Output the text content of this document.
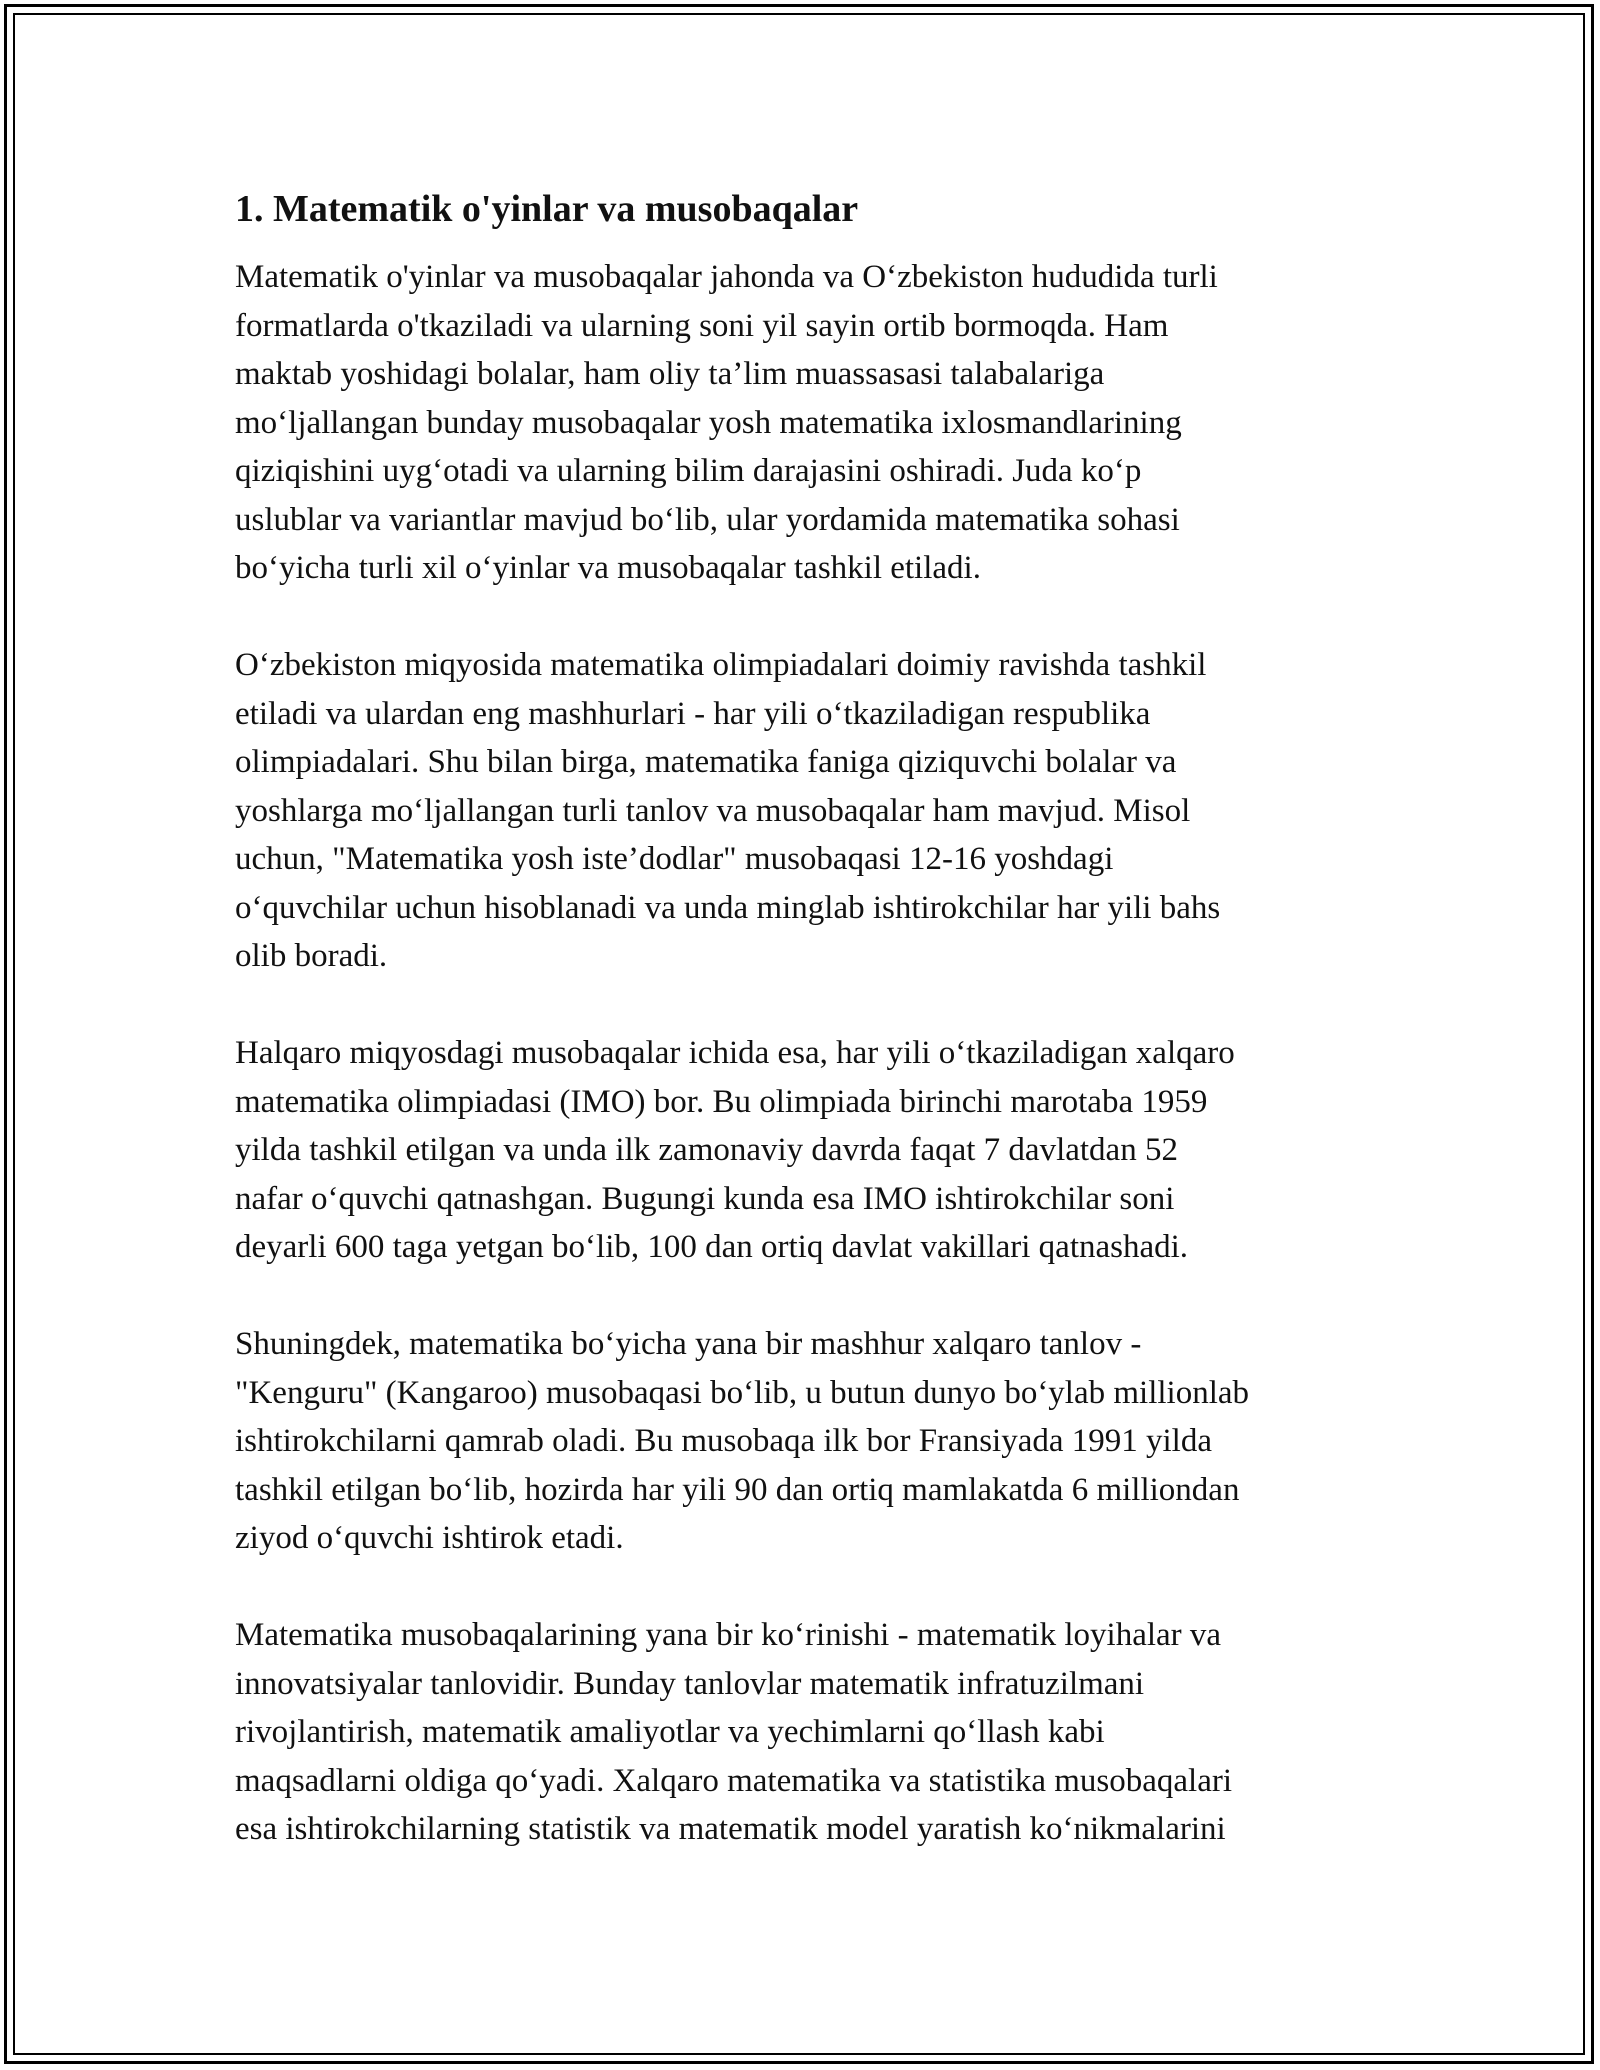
1. Matematik o'yinlar va musobaqalar

Matematik o'yinlar va musobaqalar jahonda va O‘zbekiston hududida turli
formatlarda o'tkaziladi va ularning soni yil sayin ortib bormoqda. Ham
maktab yoshidagi bolalar, ham oliy ta’lim muassasasi talabalariga
mo‘ljallangan bunday musobaqalar yosh matematika ixlosmandlarining
qiziqishini uyg‘otadi va ularning bilim darajasini oshiradi. Juda ko‘p
uslublar va variantlar mavjud bo‘lib, ular yordamida matematika sohasi
bo‘yicha turli xil o‘yinlar va musobaqalar tashkil etiladi.

O‘zbekiston miqyosida matematika olimpiadalari doimiy ravishda tashkil
etiladi va ulardan eng mashhurlari - har yili o‘tkaziladigan respublika
olimpiadalari. Shu bilan birga, matematika faniga qiziquvchi bolalar va
yoshlarga mo‘ljallangan turli tanlov va musobaqalar ham mavjud. Misol
uchun, "Matematika yosh iste’dodlar" musobaqasi 12-16 yoshdagi
o‘quvchilar uchun hisoblanadi va unda minglab ishtirokchilar har yili bahs
olib boradi.

Halqaro miqyosdagi musobaqalar ichida esa, har yili o‘tkaziladigan xalqaro
matematika olimpiadasi (IMO) bor. Bu olimpiada birinchi marotaba 1959
yilda tashkil etilgan va unda ilk zamonaviy davrda faqat 7 davlatdan 52
nafar o‘quvchi qatnashgan. Bugungi kunda esa IMO ishtirokchilar soni
deyarli 600 taga yetgan bo‘lib, 100 dan ortiq davlat vakillari qatnashadi.

Shuningdek, matematika bo‘yicha yana bir mashhur xalqaro tanlov -
"Kenguru" (Kangaroo) musobaqasi bo‘lib, u butun dunyo bo‘ylab millionlab
ishtirokchilarni qamrab oladi. Bu musobaqa ilk bor Fransiyada 1991 yilda
tashkil etilgan bo‘lib, hozirda har yili 90 dan ortiq mamlakatda 6 milliondan
ziyod o‘quvchi ishtirok etadi.

Matematika musobaqalarining yana bir ko‘rinishi - matematik loyihalar va
innovatsiyalar tanlovidir. Bunday tanlovlar matematik infratuzilmani
rivojlantirish, matematik amaliyotlar va yechimlarni qo‘llash kabi
maqsadlarni oldiga qo‘yadi. Xalqaro matematika va statistika musobaqalari
esa ishtirokchilarning statistik va matematik model yaratish ko‘nikmalarini
